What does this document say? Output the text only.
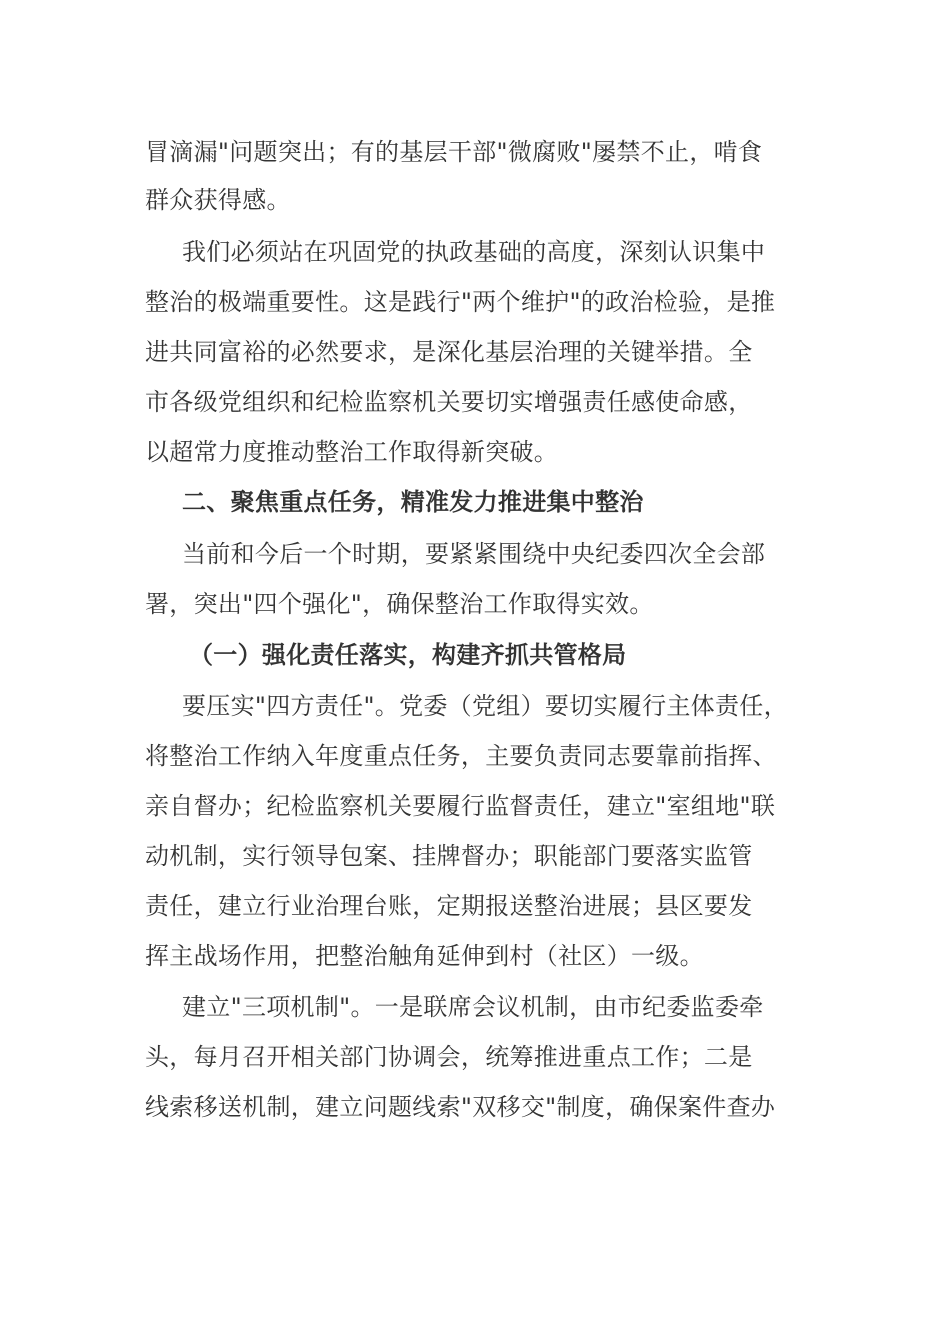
冒滴漏"问题突出；有的基层干部"微腐败"屡禁不止，啃食
群众获得感。
我们必须站在巩固党的执政基础的高度，深刻认识集中
整治的极端重要性。这是践行"两个维护"的政治检验，是推
进共同富裕的必然要求，是深化基层治理的关键举措。全
市各级党组织和纪检监察机关要切实增强责任感使命感，
以超常力度推动整治工作取得新突破。
二、聚焦重点任务，精准发力推进集中整治
当前和今后一个时期，要紧紧围绕中央纪委四次全会部
署，突出"四个强化"，确保整治工作取得实效。
（一）强化责任落实，构建齐抓共管格局
要压实"四方责任"。党委（党组）要切实履行主体责任，
将整治工作纳入年度重点任务，主要负责同志要靠前指挥、
亲自督办；纪检监察机关要履行监督责任，建立"室组地"联
动机制，实行领导包案、挂牌督办；职能部门要落实监管
责任，建立行业治理台账，定期报送整治进展；县区要发
挥主战场作用，把整治触角延伸到村（社区）一级。
建立"三项机制"。一是联席会议机制，由市纪委监委牵
头，每月召开相关部门协调会，统筹推进重点工作；二是
线索移送机制，建立问题线索"双移交"制度，确保案件查办
